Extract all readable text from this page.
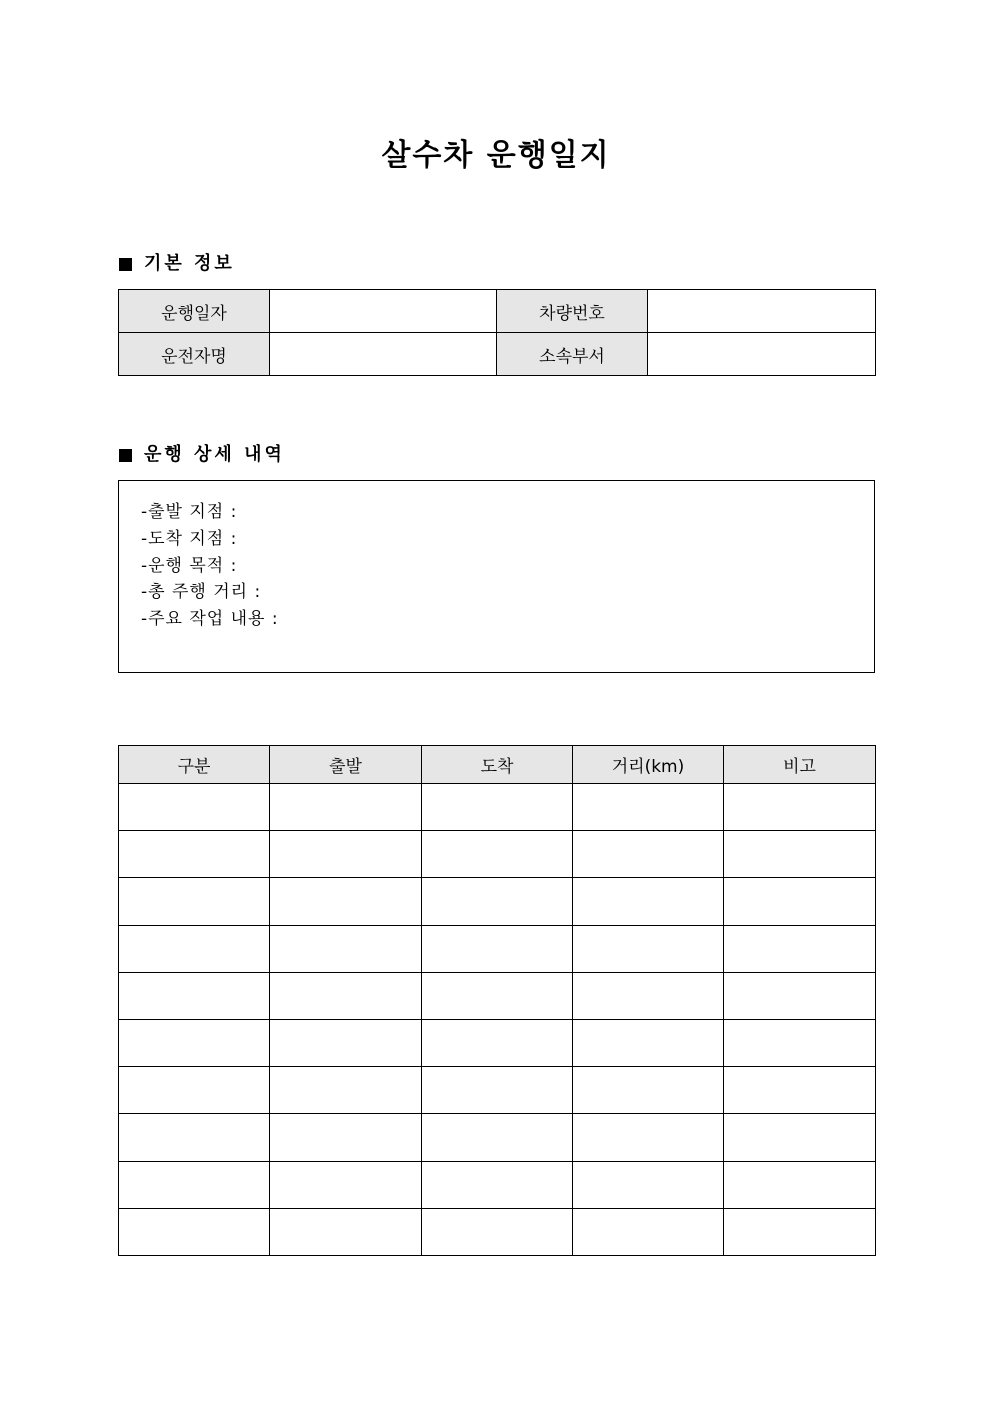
살수차 운행일지
기본 정보
운행일자		차량번호	
운전자명		소속부서	
운행 상세 내역
-출발 지점 :
-도착 지점 :
-운행 목적 :
-총 주행 거리 :
-주요 작업 내용 :
구분	출발	도착	거리(km)	비고
